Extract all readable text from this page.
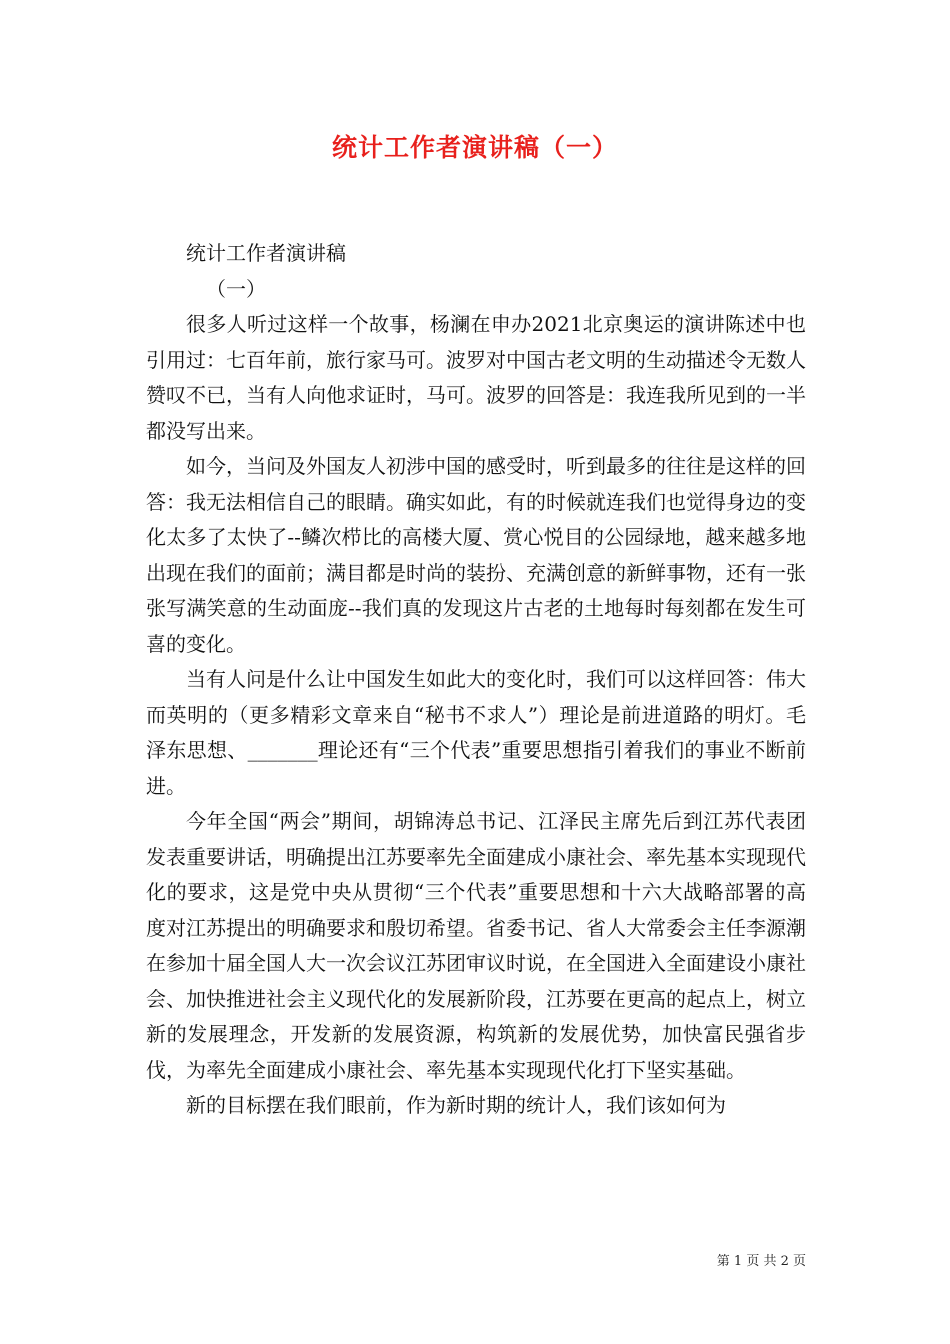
统计工作者演讲稿（一）

统计工作者演讲稿

（一）

很多人听过这样一个故事，杨澜在申办2021北京奥运的演讲陈述中也引用过：七百年前，旅行家马可。波罗对中国古老文明的生动描述令无数人赞叹不已，当有人向他求证时，马可。波罗的回答是：我连我所见到的一半都没写出来。

如今，当问及外国友人初涉中国的感受时，听到最多的往往是这样的回答：我无法相信自己的眼睛。确实如此，有的时候就连我们也觉得身边的变化太多了太快了--鳞次栉比的高楼大厦、赏心悦目的公园绿地，越来越多地出现在我们的面前；满目都是时尚的装扮、充满创意的新鲜事物，还有一张张写满笑意的生动面庞--我们真的发现这片古老的土地每时每刻都在发生可喜的变化。

当有人问是什么让中国发生如此大的变化时，我们可以这样回答：伟大而英明的（更多精彩文章来自“秘书不求人”）理论是前进道路的明灯。毛泽东思想、_______理论还有“三个代表”重要思想指引着我们的事业不断前进。

今年全国“两会”期间，胡锦涛总书记、江泽民主席先后到江苏代表团发表重要讲话，明确提出江苏要率先全面建成小康社会、率先基本实现现代化的要求，这是党中央从贯彻“三个代表”重要思想和十六大战略部署的高度对江苏提出的明确要求和殷切希望。省委书记、省人大常委会主任李源潮在参加十届全国人大一次会议江苏团审议时说，在全国进入全面建设小康社会、加快推进社会主义现代化的发展新阶段，江苏要在更高的起点上，树立新的发展理念，开发新的发展资源，构筑新的发展优势，加快富民强省步伐，为率先全面建成小康社会、率先基本实现现代化打下坚实基础。

新的目标摆在我们眼前，作为新时期的统计人，我们该如何为

第 1 页 共 2 页
